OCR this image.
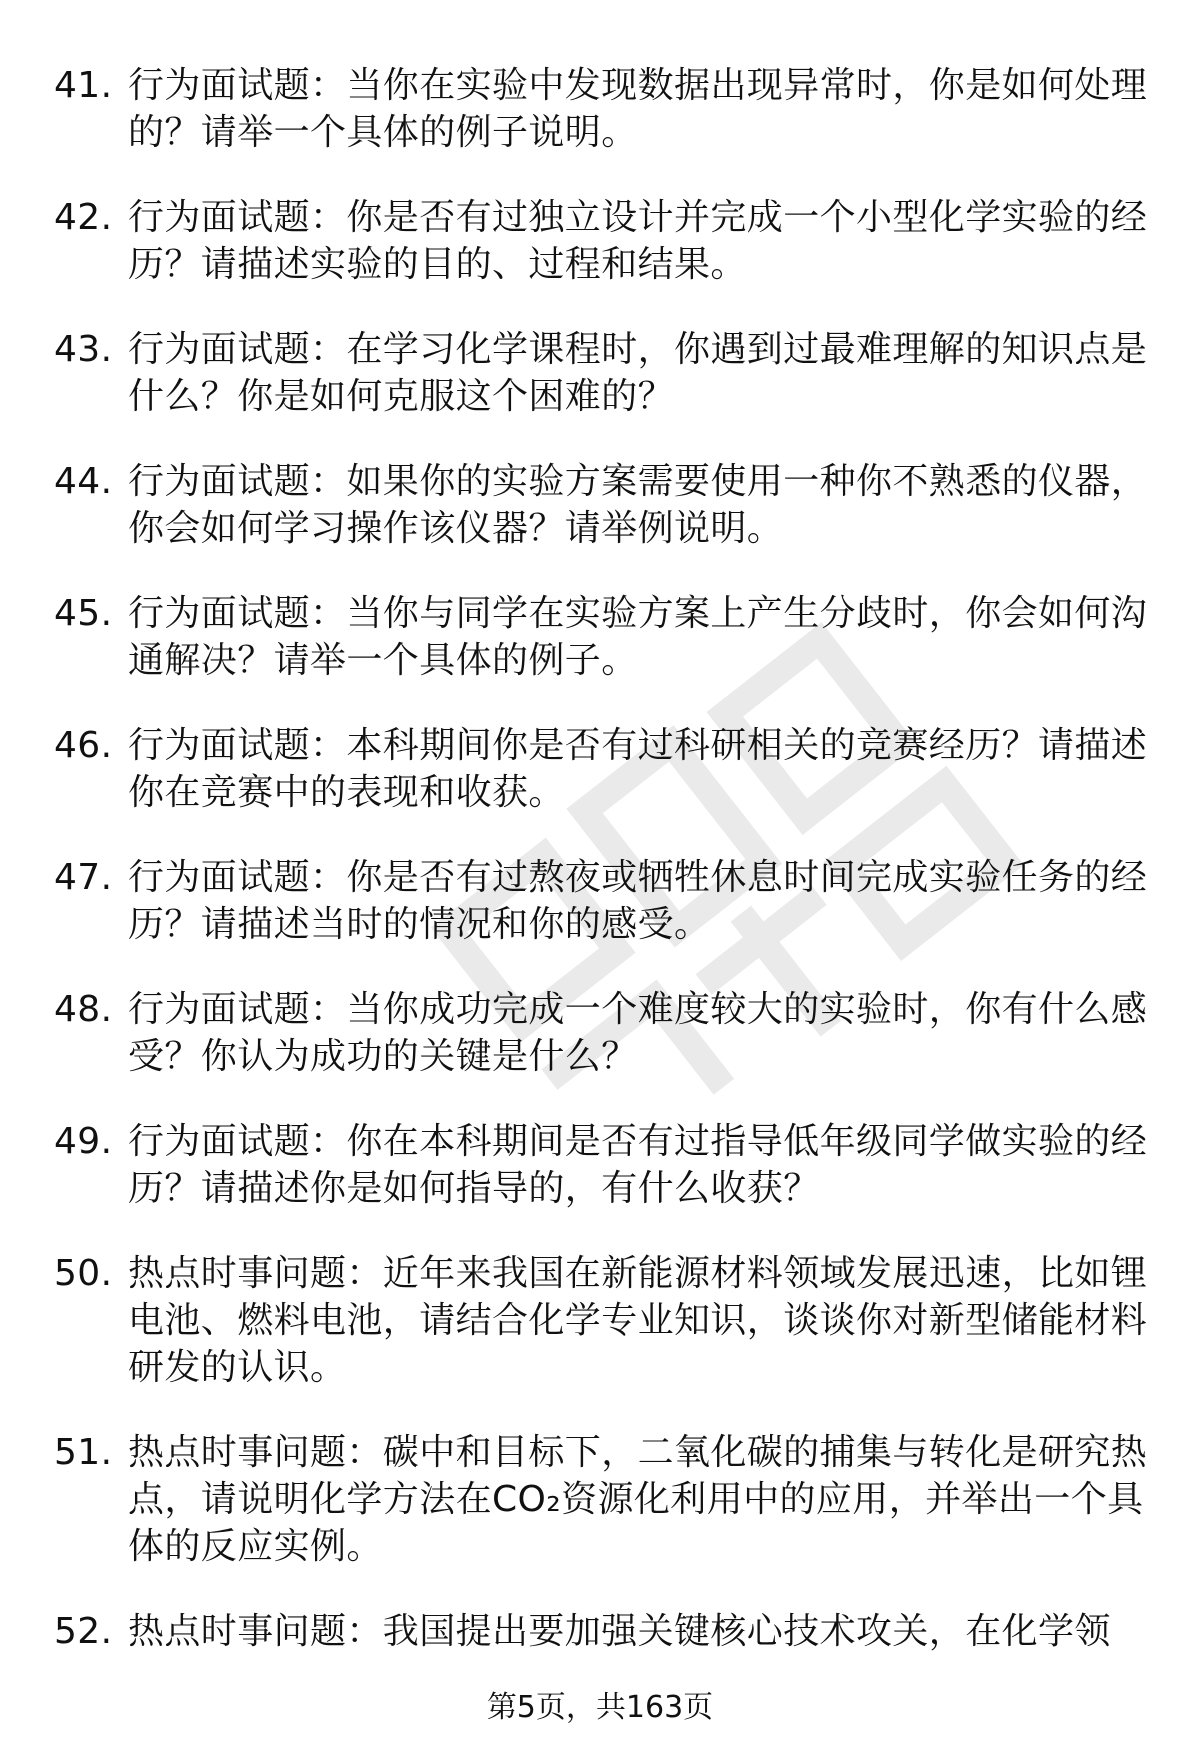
41. 行为面试题：当你在实验中发现数据出现异常时，你是如何处理
的？请举一个具体的例子说明。
42. 行为面试题：你是否有过独立设计并完成一个小型化学实验的经
历？请描述实验的目的、过程和结果。
43. 行为面试题：在学习化学课程时，你遇到过最难理解的知识点是
什么？你是如何克服这个困难的？
44. 行为面试题：如果你的实验方案需要使用一种你不熟悉的仪器，
你会如何学习操作该仪器？请举例说明。
45. 行为面试题：当你与同学在实验方案上产生分歧时，你会如何沟
通解决？请举一个具体的例子。
46. 行为面试题：本科期间你是否有过科研相关的竞赛经历？请描述
你在竞赛中的表现和收获。
47. 行为面试题：你是否有过熬夜或牺牲休息时间完成实验任务的经
历？请描述当时的情况和你的感受。
48. 行为面试题：当你成功完成一个难度较大的实验时，你有什么感
受？你认为成功的关键是什么？
49. 行为面试题：你在本科期间是否有过指导低年级同学做实验的经
历？请描述你是如何指导的，有什么收获？
50. 热点时事问题：近年来我国在新能源材料领域发展迅速，比如锂
电池、燃料电池，请结合化学专业知识，谈谈你对新型储能材料
研发的认识。
51. 热点时事问题：碳中和目标下，二氧化碳的捕集与转化是研究热
点，请说明化学方法在CO₂资源化利用中的应用，并举出一个具
体的反应实例。
52. 热点时事问题：我国提出要加强关键核心技术攻关，在化学领
第5页，共163页
